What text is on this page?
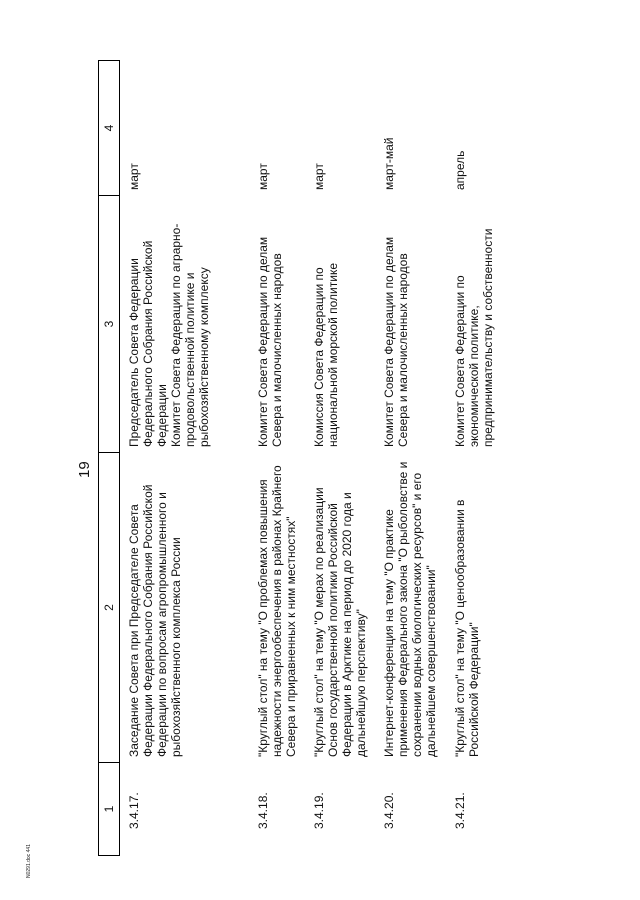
19
1
2
3
4
3.4.17.
Заседание Совета при Председателе Совета Федерации Федерального Собрания Российской Федерации по вопросам агропромышленного и рыбохозяйственного комплекса России
Председатель Совета Федерации Федерального Собрания Российской Федерации Комитет Совета Федерации по аграрно-продовольственной политике и рыбохозяйственному комплексу
март
3.4.18.
"Круглый стол" на тему "О проблемах повышения надежности энергообеспечения в районах Крайнего Севера и приравненных к ним местностях"
Комитет Совета Федерации по делам Севера и малочисленных народов
март
3.4.19.
"Круглый стол" на тему "О мерах по реализации Основ государственной политики Российской Федерации в Арктике на период до 2020 года и дальнейшую перспективу"
Комиссия Совета Федерации по национальной морской политике
март
3.4.20.
Интернет-конференция на тему "О практике применения Федерального закона "О рыболовстве и сохранении водных биологических ресурсов" и его дальнейшем совершенствовании"
Комитет Совета Федерации по делам Севера и малочисленных народов
март-май
3.4.21.
"Круглый стол" на тему "О ценообразовании в Российской Федерации"
Комитет Совета Федерации по экономической политике, предпринимательству и собственности
апрель
N0291.doc 441
